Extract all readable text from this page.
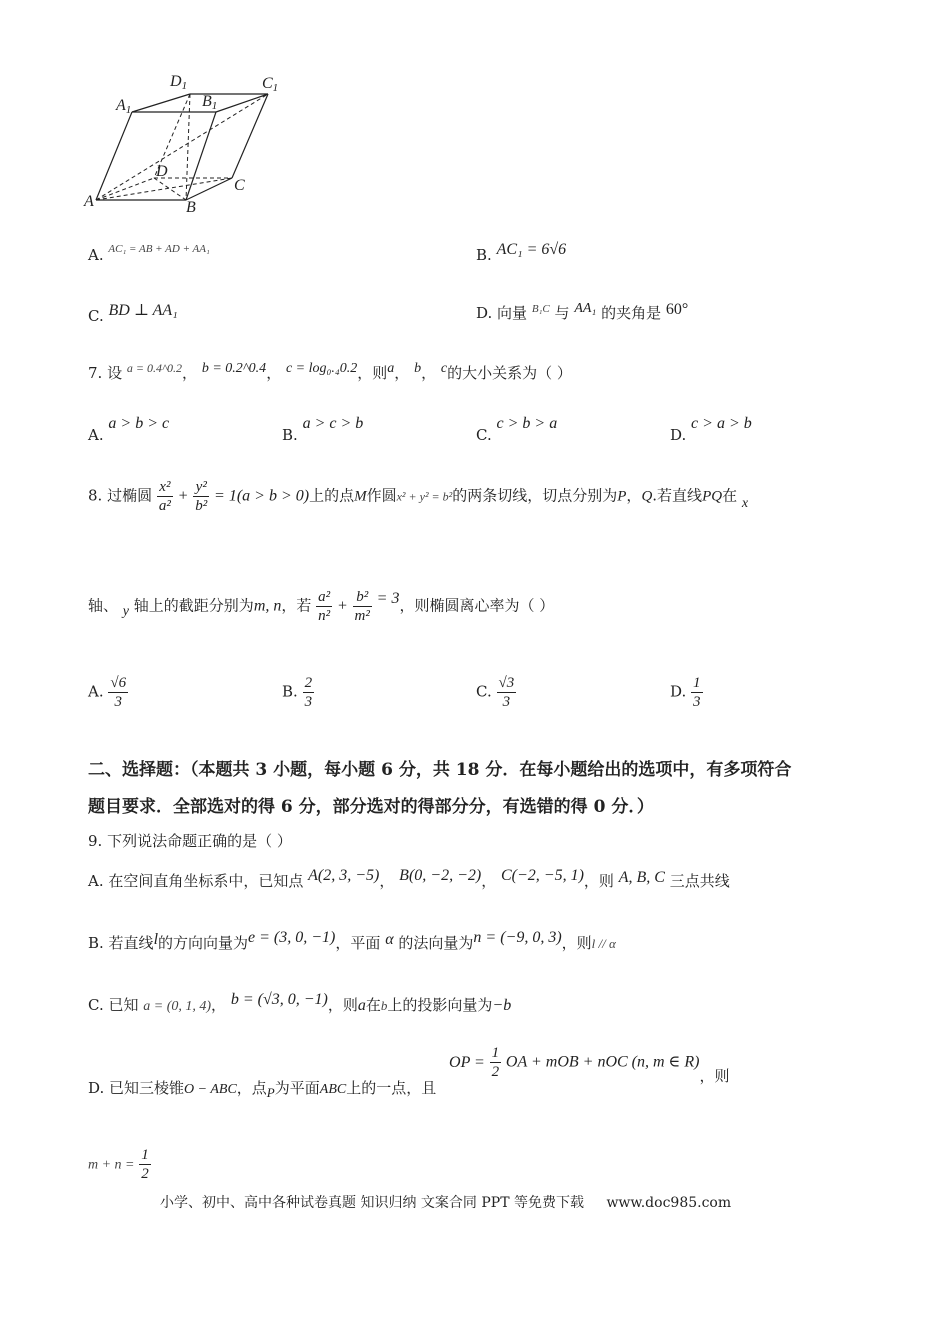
D1	C1
A1	B1
D
C
A	B
A. $^{AC_1 = AB + AD + AA_1}$	B. AC₁ = 6√6
C. BD ⊥ AA₁	D. 向量 $^{B_1C}$ 与 AA₁ 的夹角是 60°
7. 设 $^{a = 0.4\^{}0.2}$， b = 0.2^0.4， c = log₀.₄0.2，则a， b， c的大小关系为（ ）
A. a > b > c
B. a > c > b
C. c > b > a
D. c > a > b
8. 过椭圆 $\frac{\text{x²}}{\text{a²}} + \frac{\text{y²}}{\text{b²}} = 1(a > b > 0)$上的点M作圆x² + y² = b²的两条切线，切点分别为P，Q.若直线PQ在 x
轴、 y 轴上的截距分别为m, n，若 $\frac{\text{a²}}{\text{n²}} + \frac{\text{b²}}{\text{m²}} = 3$，则椭圆离心率为（ ）
A. $\frac{√6}{3}$	B. $\frac{2}{3}$	C. $\frac{√3}{3}$	D. $\frac{1}{3}$
二、选择题：（本题共 3 小题，每小题 6 分，共 18 分．在每小题给出的选项中，有多项符合
题目要求．全部选对的得 6 分，部分选对的得部分分，有选错的得 0 分．）
9. 下列说法命题正确的是（ ）
A. 在空间直角坐标系中，已知点 A(2, 3, −5)， B(0, −2, −2)， C(−2, −5, 1)，则 A, B, C 三点共线
B. 若直线l的方向向量为e = (3, 0, −1)，平面 α 的法向量为n = (−9, 0, 3)，则l // α
C. 已知 a = (0, 1, 4)， b = (√3, 0, −1)，则a在b上的投影向量为−b
D. 已知三棱锥O − ABC，点P为平面ABC上的一点，且 OP = $\frac{1}{2}$ OA + mOB + nOC (n, m ∈ R)，则
$m + n = \frac{1}{2}$
小学、初中、高中各种试卷真题 知识归纳 文案合同 PPT 等免费下载 www.doc985.com
